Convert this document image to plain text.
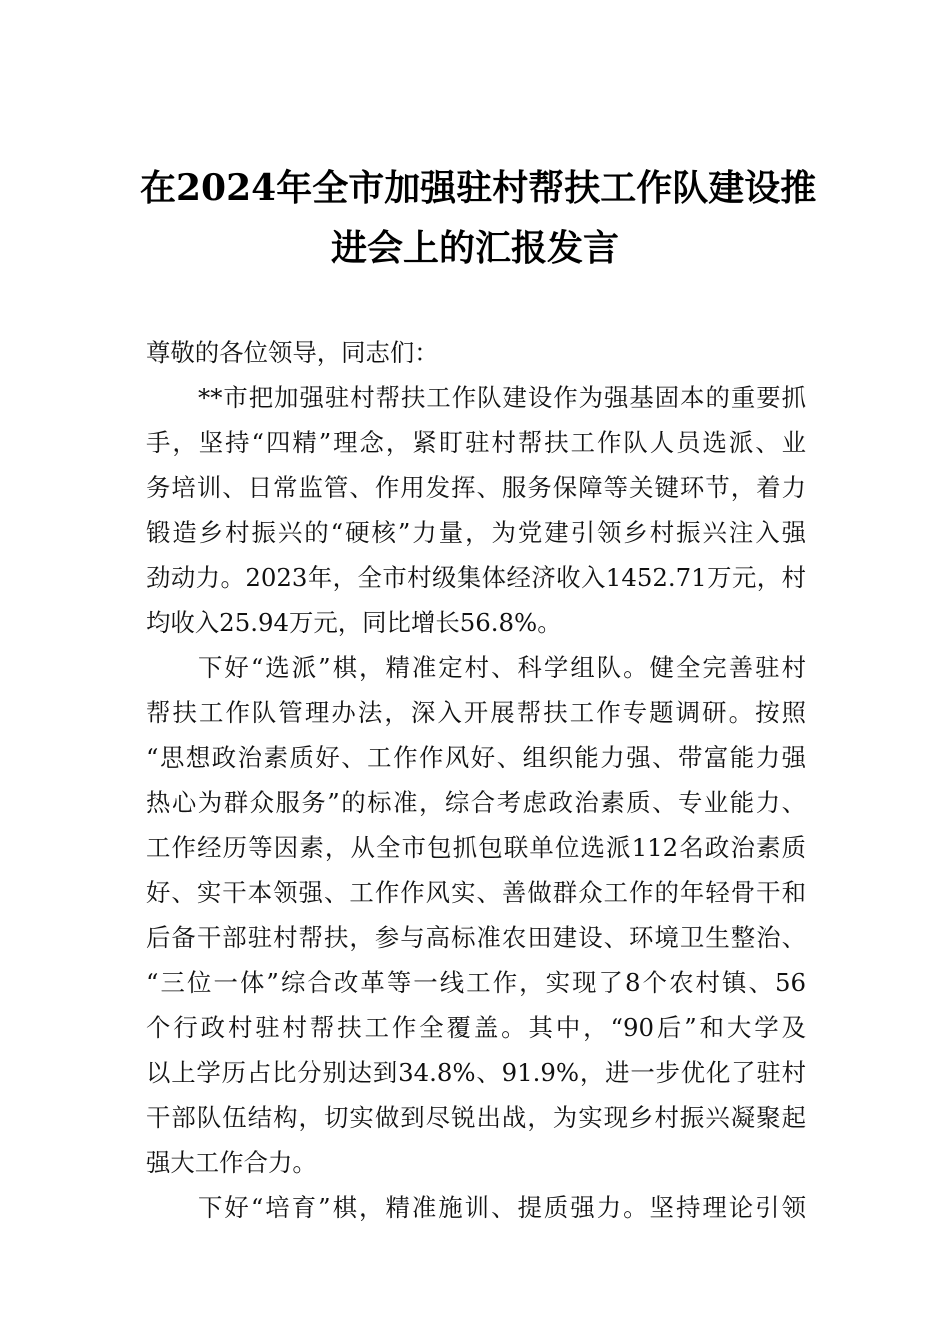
在2024年全市加强驻村帮扶工作队建设推
进会上的汇报发言
尊敬的各位领导，同志们：
**市把加强驻村帮扶工作队建设作为强基固本的重要抓
手，坚持“四精”理念，紧盯驻村帮扶工作队人员选派、业
务培训、日常监管、作用发挥、服务保障等关键环节，着力
锻造乡村振兴的“硬核”力量，为党建引领乡村振兴注入强
劲动力。2023年，全市村级集体经济收入1452.71万元，村
均收入25.94万元，同比增长56.8%。
下好“选派”棋，精准定村、科学组队。健全完善驻村
帮扶工作队管理办法，深入开展帮扶工作专题调研。按照
“思想政治素质好、工作作风好、组织能力强、带富能力强
热心为群众服务”的标准，综合考虑政治素质、专业能力、
工作经历等因素，从全市包抓包联单位选派112名政治素质
好、实干本领强、工作作风实、善做群众工作的年轻骨干和
后备干部驻村帮扶，参与高标准农田建设、环境卫生整治、
“三位一体”综合改革等一线工作，实现了8个农村镇、56
个行政村驻村帮扶工作全覆盖。其中，“90后”和大学及
以上学历占比分别达到34.8%、91.9%，进一步优化了驻村
干部队伍结构，切实做到尽锐出战，为实现乡村振兴凝聚起
强大工作合力。
下好“培育”棋，精准施训、提质强力。坚持理论引领
